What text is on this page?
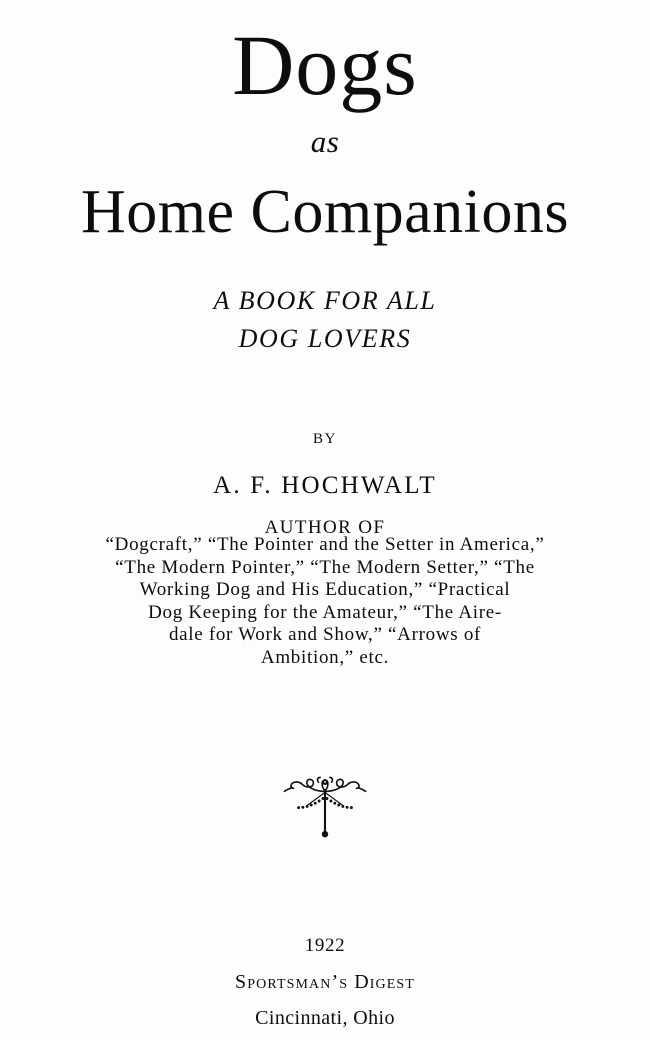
Dogs
as
Home Companions
A BOOK FOR ALL
DOG LOVERS
BY
A. F. HOCHWALT
AUTHOR OF
“Dogcraft,” “The Pointer and the Setter in America,”
“The Modern Pointer,” “The Modern Setter,” “The
Working Dog and His Education,” “Practical
Dog Keeping for the Amateur,” “The Aire-
dale for Work and Show,” “Arrows of
Ambition,” etc.
1922
Sportsman’s Digest
Cincinnati, Ohio
